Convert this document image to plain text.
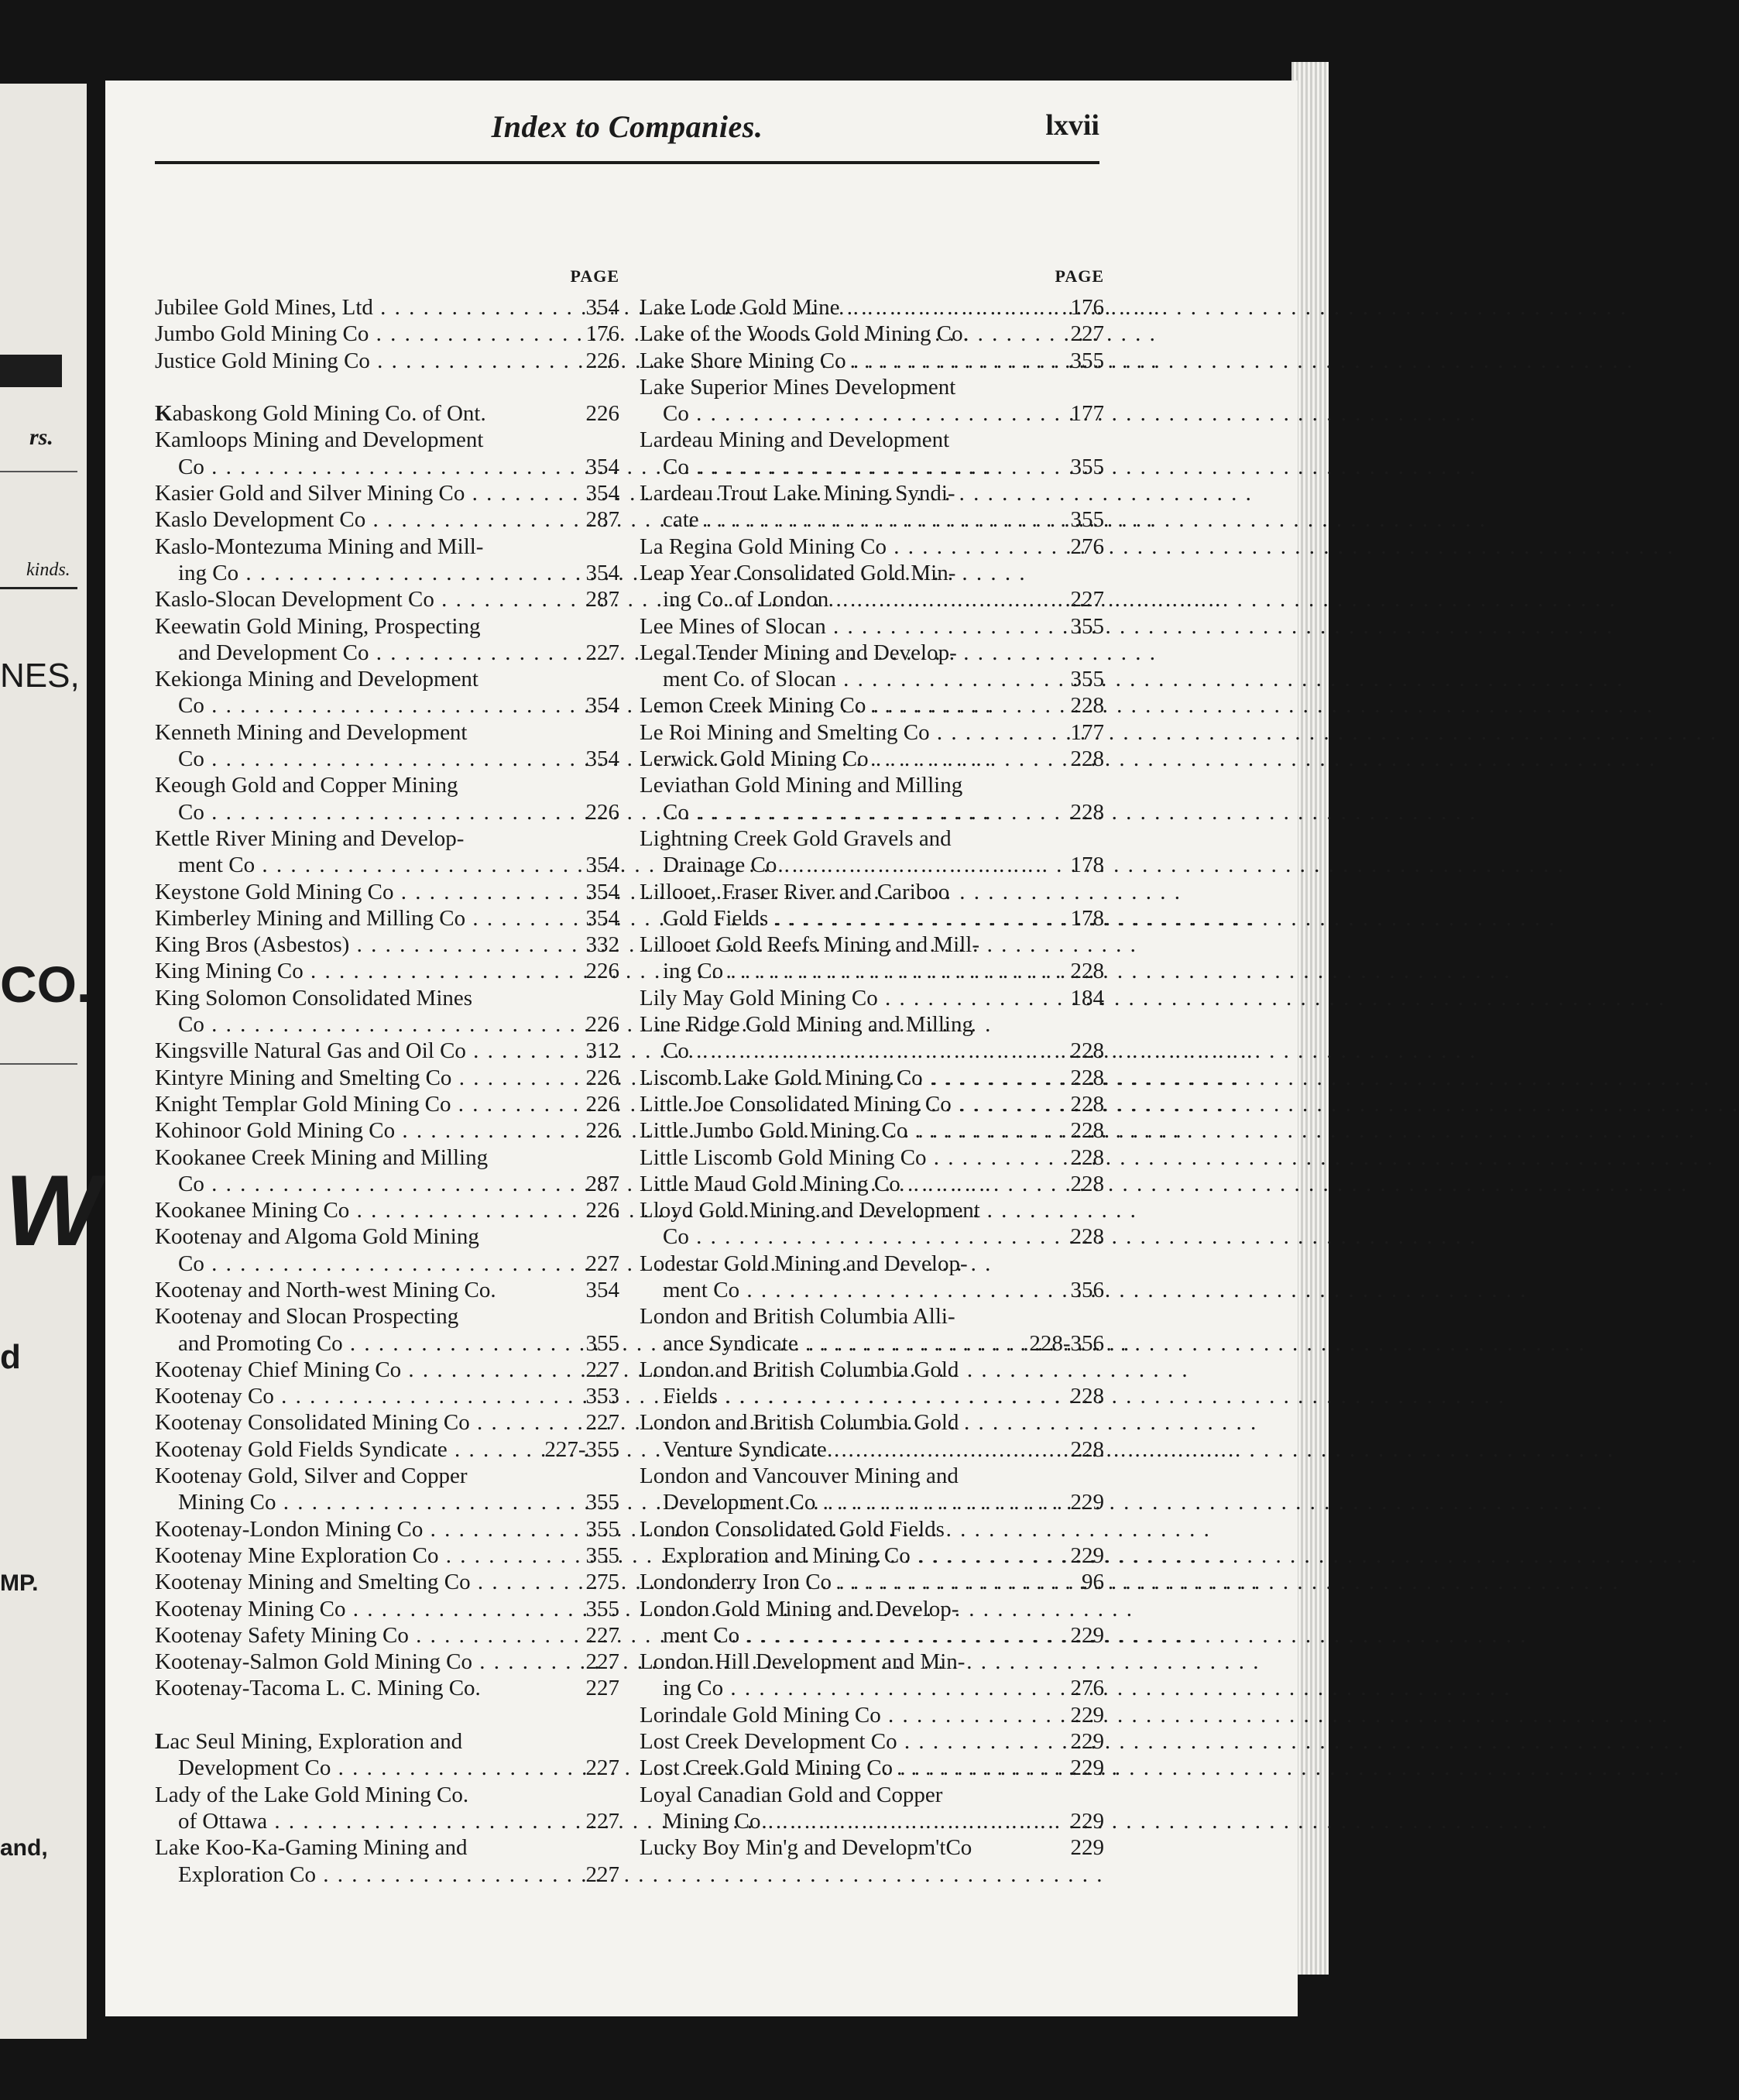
rs.
kinds.
NES,
CO.
W
d
MP.
and,
Index to Companies.	lxvii
PAGE
Jubilee Gold Mines, Ltd . . .	354
Jumbo Gold Mining Co . . .	176
Justice Gold Mining Co . . .	226
Kabaskong Gold Mining Co. of Ont.	226
Kamloops Mining and Development
Co . . .	354
Kasier Gold and Silver Mining Co . . .	354
Kaslo Development Co . . .	287
Kaslo-Montezuma Mining and Mill-
ing Co . . .	354
Kaslo-Slocan Development Co . . .	287
Keewatin Gold Mining, Prospecting
and Development Co . . .	227
Kekionga Mining and Development
Co . . .	354
Kenneth Mining and Development
Co . . .	354
Keough Gold and Copper Mining
Co . . .	226
Kettle River Mining and Develop-
ment Co . . .	354
Keystone Gold Mining Co . . .	354
Kimberley Mining and Milling Co . . .	354
King Bros (Asbestos) . . .	332
King Mining Co . . .	226
King Solomon Consolidated Mines
Co . . .	226
Kingsville Natural Gas and Oil Co . . .	312
Kintyre Mining and Smelting Co . . .	226
Knight Templar Gold Mining Co . . .	226
Kohinoor Gold Mining Co . . .	226
Kookanee Creek Mining and Milling
Co . . .	287
Kookanee Mining Co . . .	226
Kootenay and Algoma Gold Mining
Co . . .	227
Kootenay and North-west Mining Co.	354
Kootenay and Slocan Prospecting
and Promoting Co . . .	355
Kootenay Chief Mining Co . . .	227
Kootenay Co . . .	353
Kootenay Consolidated Mining Co . . .	227
Kootenay Gold Fields Syndicate . . .	227-355
Kootenay Gold, Silver and Copper
Mining Co . . .	355
Kootenay-London Mining Co . . .	355
Kootenay Mine Exploration Co . . .	355
Kootenay Mining and Smelting Co . . .	275
Kootenay Mining Co . . .	355
Kootenay Safety Mining Co . . .	227
Kootenay-Salmon Gold Mining Co . . .	227
Kootenay-Tacoma L. C. Mining Co.	227
Lac Seul Mining, Exploration and
Development Co . . .	227
Lady of the Lake Gold Mining Co.
of Ottawa . . .	227
Lake Koo-Ka-Gaming Mining and
Exploration Co . . .	227
PAGE
Lake Lode Gold Mine . . .	176
Lake of the Woods Gold Mining Co.	227
Lake Shore Mining Co . . .	355
Lake Superior Mines Development
Co . . .	177
Lardeau Mining and Development
Co . . .	355
Lardeau Trout Lake Mining Syndi-
cate . . .	355
La Regina Gold Mining Co . . .	276
Leap Year Consolidated Gold Min-
ing Co. of London . . .	227
Lee Mines of Slocan . . .	355
Legal Tender Mining and Develop-
ment Co. of Slocan . . .	355
Lemon Creek Mining Co . . .	228
Le Roi Mining and Smelting Co . . .	177
Lerwick Gold Mining Co . . .	228
Leviathan Gold Mining and Milling
Co . . .	228
Lightning Creek Gold Gravels and
Drainage Co . . .	178
Lillooet, Fraser River and Cariboo
Gold Fields . . .	178
Lillooet Gold Reefs Mining and Mill-
ing Co . . .	228
Lily May Gold Mining Co . . .	184
Line Ridge Gold Mining and Milling
Co . . .	228
Liscomb Lake Gold Mining Co . . .	228
Little Joe Consolidated Mining Co . . .	228
Little Jumbo Gold Mining Co . . .	228
Little Liscomb Gold Mining Co . . .	228
Little Maud Gold Mining Co . . .	228
Lloyd Gold Mining and Development
Co . . .	228
Lodestar Gold Mining and Develop-
ment Co . . .	356
London and British Columbia Alli-
ance Syndicate . . .	228-356
London and British Columbia Gold
Fields . . .	228
London and British Columbia Gold
Venture Syndicate . . .	228
London and Vancouver Mining and
Development Co . . .	229
London Consolidated Gold Fields
Exploration and Mining Co . . .	229
Londonderry Iron Co . . .	96
London Gold Mining and Develop-
ment Co . . .	229
London Hill Development and Min-
ing Co . . .	276
Lorindale Gold Mining Co . . .	229
Lost Creek Development Co . . .	229
Lost Creek Gold Mining Co . . .	229
Loyal Canadian Gold and Copper
Mining Co . . .	229
Lucky Boy Min'g and Developm'tCo	229
